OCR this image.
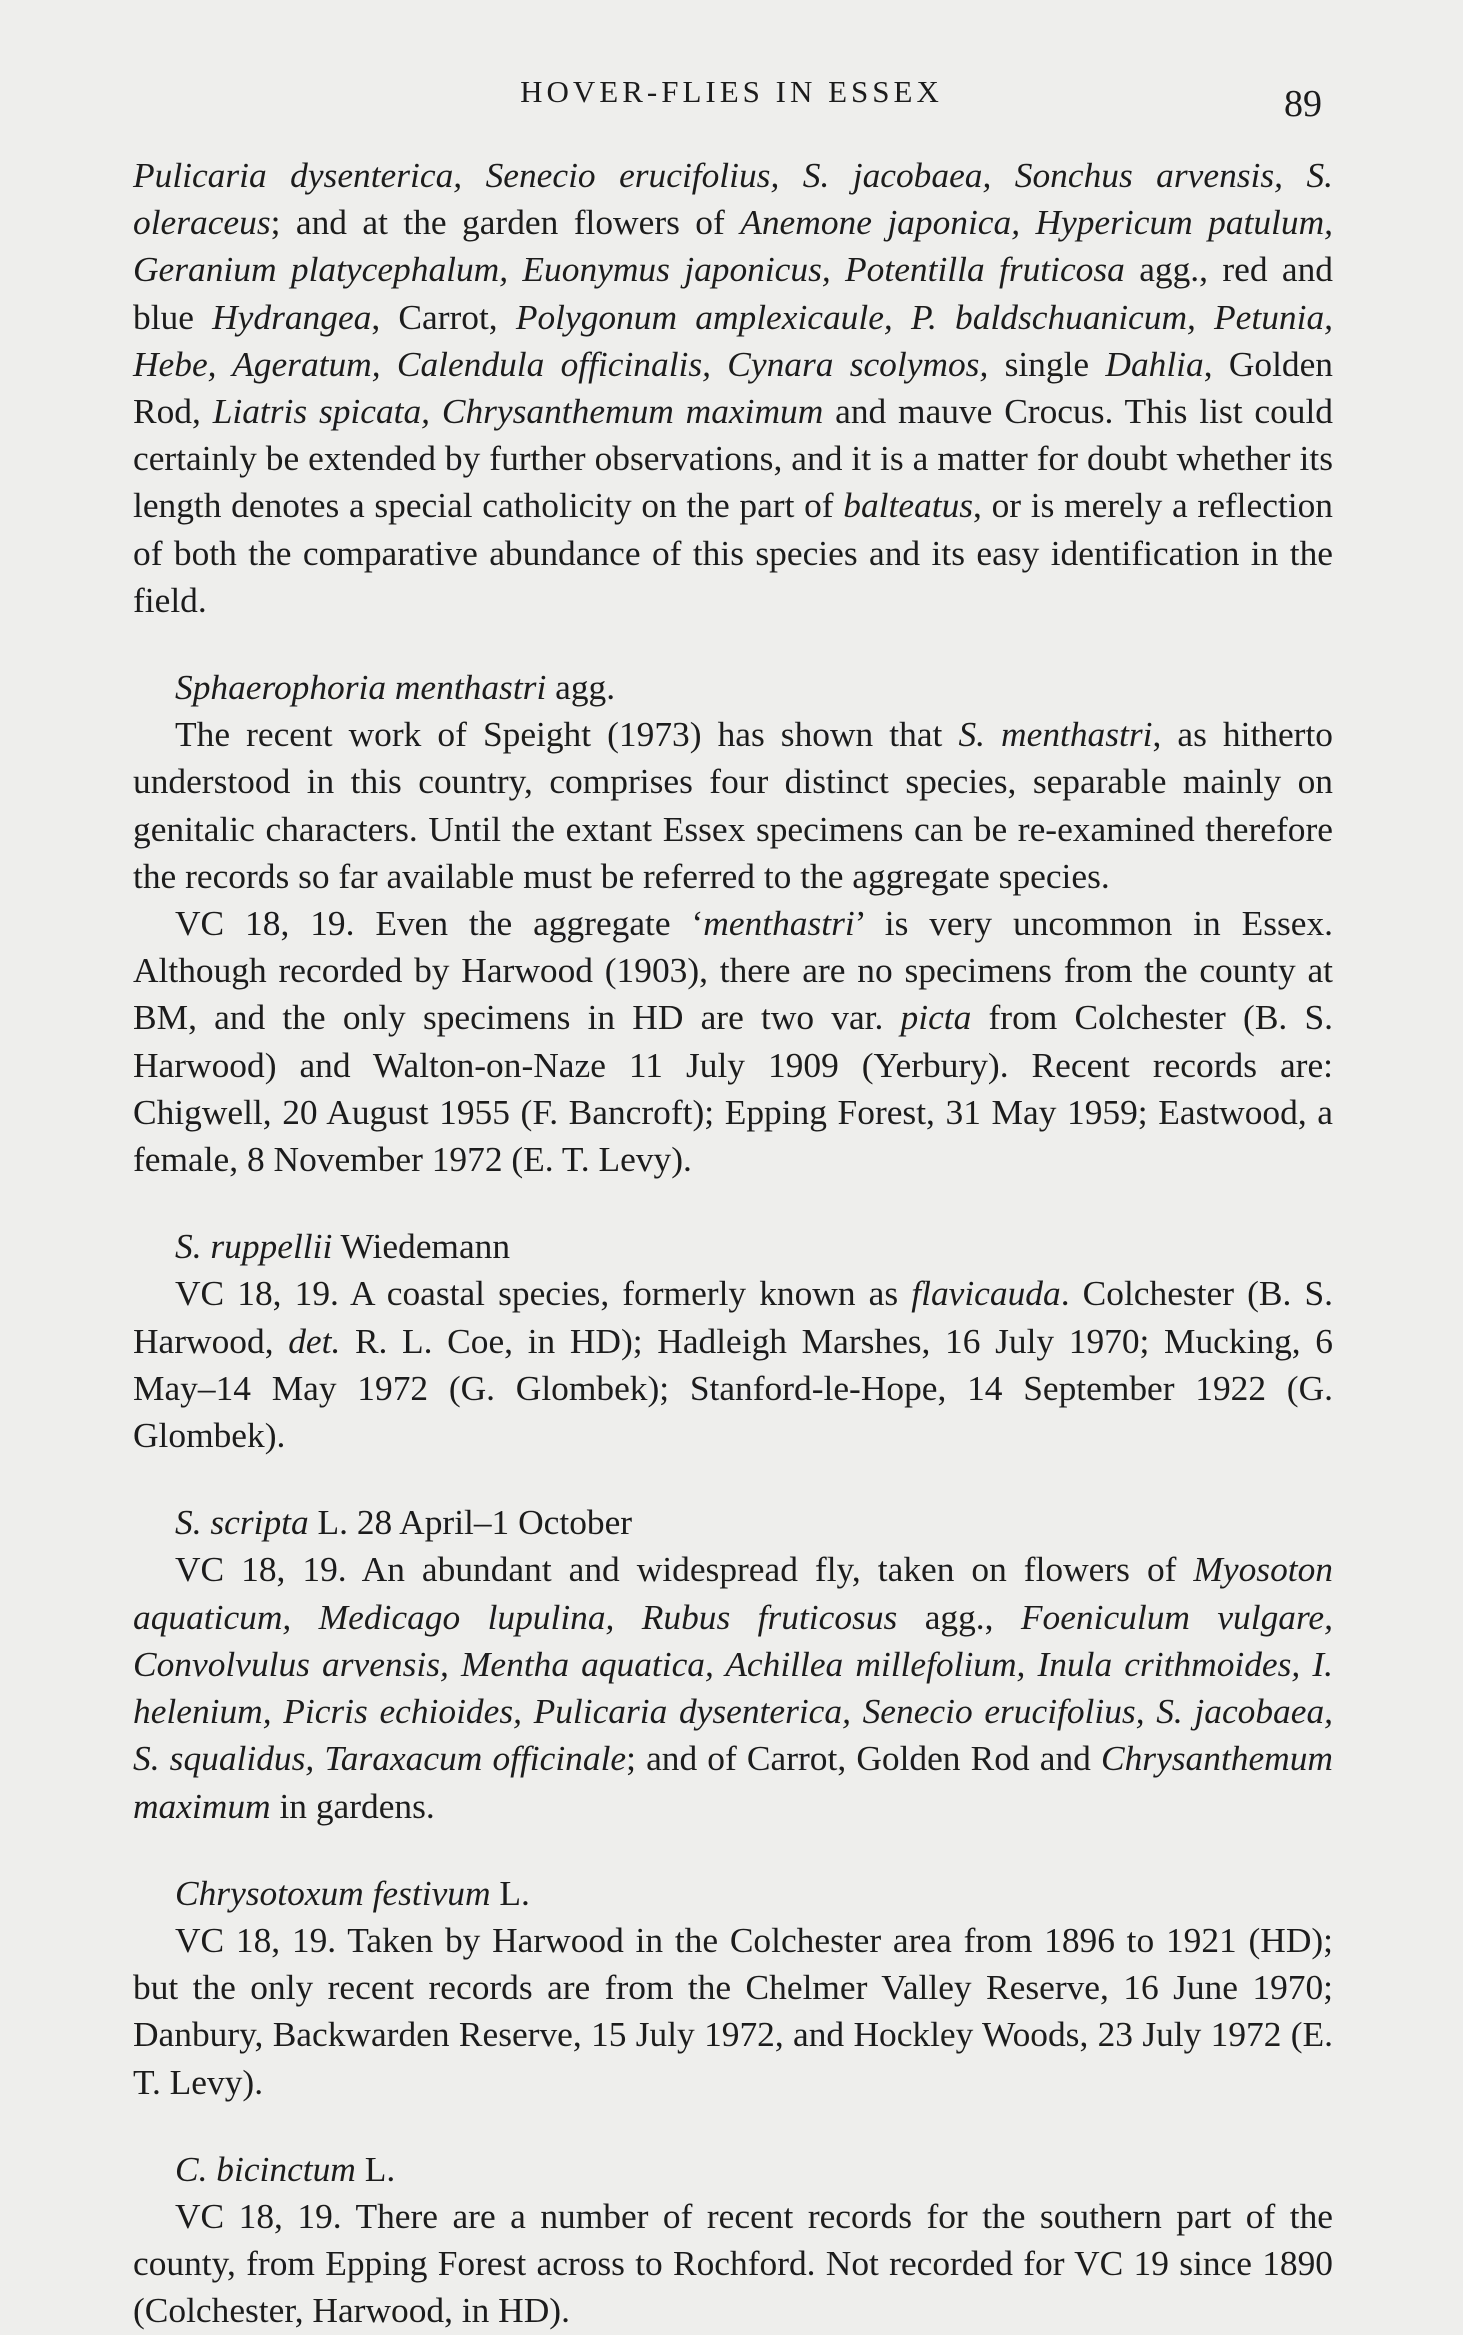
HOVER-FLIES IN ESSEX	89

Pulicaria dysenterica, Senecio erucifolius, S. jacobaea, Sonchus arvensis, S. oleraceus; and at the garden flowers of Anemone japonica, Hypericum patulum, Geranium platycephalum, Euonymus japonicus, Potentilla fruticosa agg., red and blue Hydrangea, Carrot, Polygonum amplexicaule, P. baldschuanicum, Petunia, Hebe, Ageratum, Calendula officinalis, Cynara scolymos, single Dahlia, Golden Rod, Liatris spicata, Chrysanthemum maximum and mauve Crocus. This list could certainly be extended by further observations, and it is a matter for doubt whether its length denotes a special catholicity on the part of balteatus, or is merely a reflection of both the comparative abundance of this species and its easy identification in the field.

Sphaerophoria menthastri agg.

The recent work of Speight (1973) has shown that S. menthastri, as hitherto understood in this country, comprises four distinct species, separable mainly on genitalic characters. Until the extant Essex specimens can be re-examined therefore the records so far available must be referred to the aggregate species.

VC 18, 19. Even the aggregate ‘menthastri’ is very uncommon in Essex. Although recorded by Harwood (1903), there are no specimens from the county at BM, and the only specimens in HD are two var. picta from Colchester (B. S. Harwood) and Walton-on-Naze 11 July 1909 (Yerbury). Recent records are: Chigwell, 20 August 1955 (F. Bancroft); Epping Forest, 31 May 1959; Eastwood, a female, 8 November 1972 (E. T. Levy).

S. ruppellii Wiedemann

VC 18, 19. A coastal species, formerly known as flavicauda. Colchester (B. S. Harwood, det. R. L. Coe, in HD); Hadleigh Marshes, 16 July 1970; Mucking, 6 May–14 May 1972 (G. Glombek); Stanford-le-Hope, 14 September 1922 (G. Glombek).

S. scripta L. 28 April–1 October

VC 18, 19. An abundant and widespread fly, taken on flowers of Myosoton aquaticum, Medicago lupulina, Rubus fruticosus agg., Foeniculum vulgare, Convolvulus arvensis, Mentha aquatica, Achillea millefolium, Inula crithmoides, I. helenium, Picris echioides, Pulicaria dysenterica, Senecio erucifolius, S. jacobaea, S. squalidus, Taraxacum officinale; and of Carrot, Golden Rod and Chrysanthemum maximum in gardens.

Chrysotoxum festivum L.

VC 18, 19. Taken by Harwood in the Colchester area from 1896 to 1921 (HD); but the only recent records are from the Chelmer Valley Reserve, 16 June 1970; Danbury, Backwarden Reserve, 15 July 1972, and Hockley Woods, 23 July 1972 (E. T. Levy).

C. bicinctum L.

VC 18, 19. There are a number of recent records for the southern part of the county, from Epping Forest across to Rochford. Not recorded for VC 19 since 1890 (Colchester, Harwood, in HD).
